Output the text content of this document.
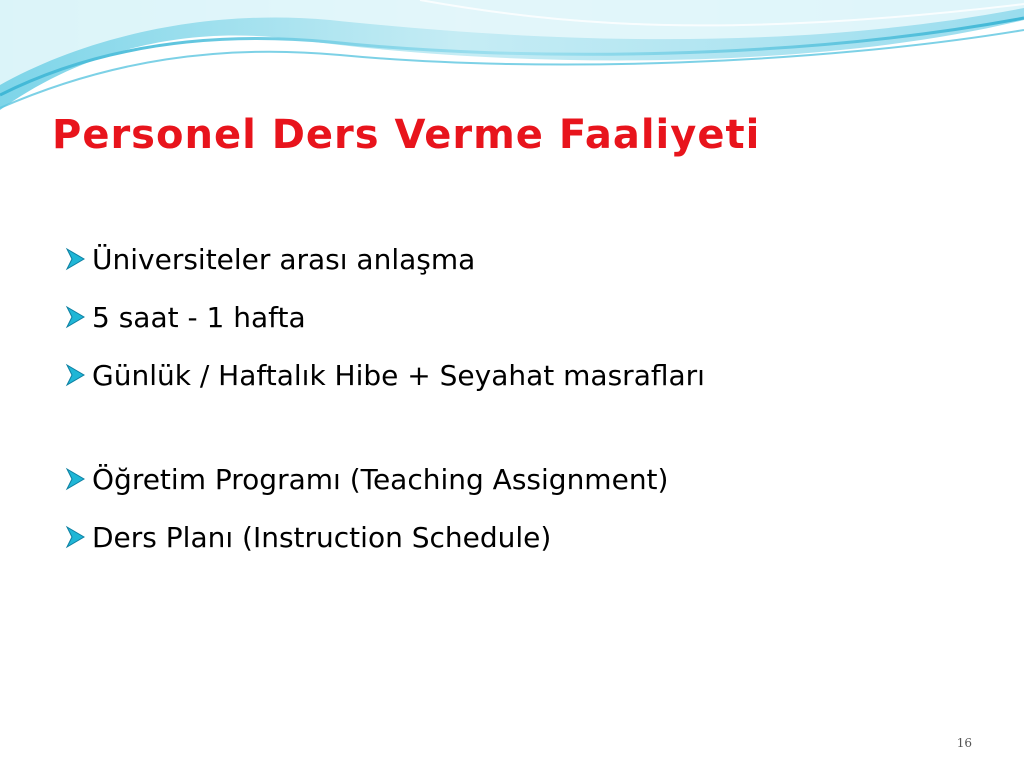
Personel Ders Verme Faaliyeti
Üniversiteler arası anlaşma
5 saat - 1 hafta
Günlük / Haftalık Hibe + Seyahat masrafları
Öğretim Programı (Teaching Assignment)
Ders Planı (Instruction Schedule)
16
